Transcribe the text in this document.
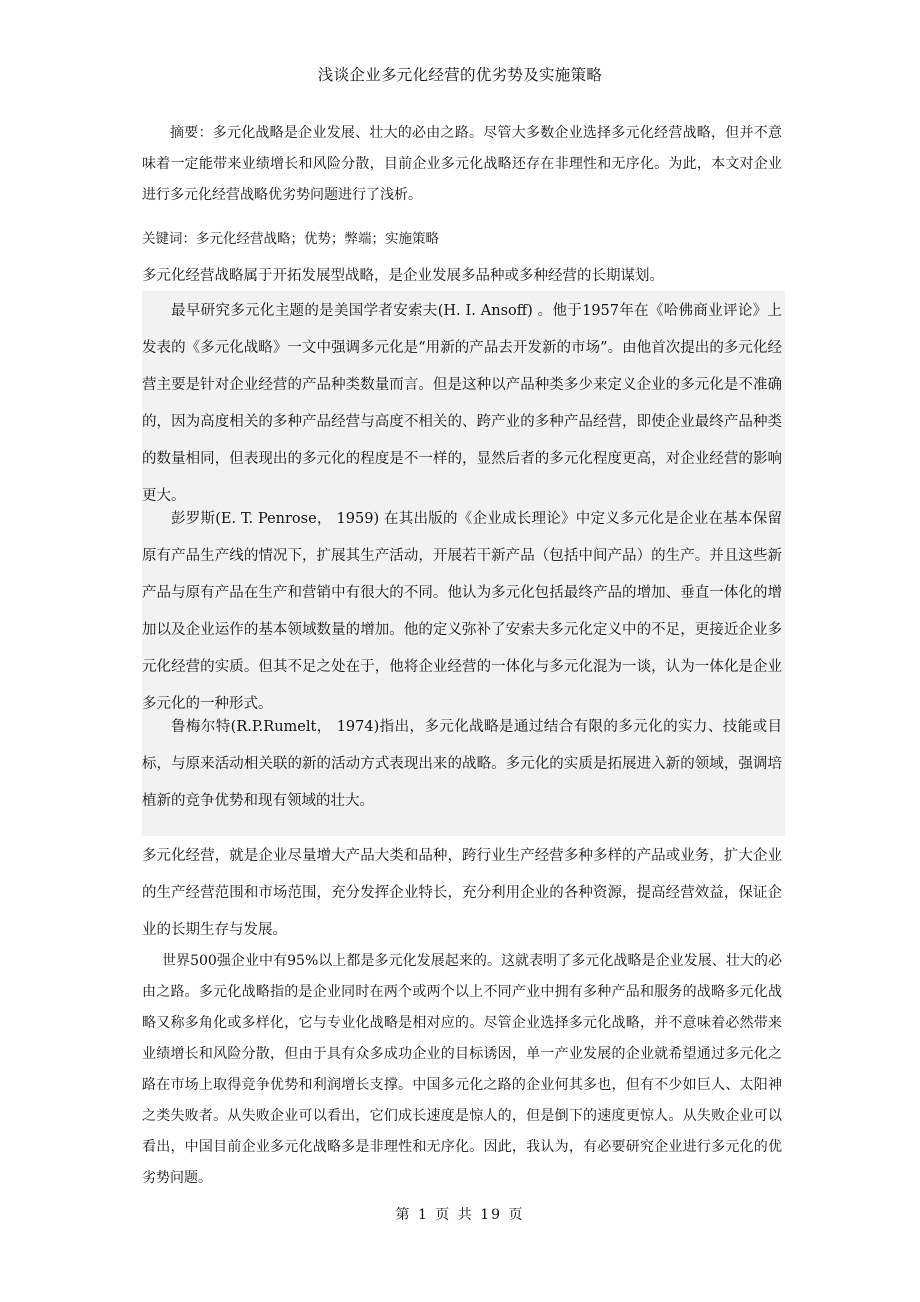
浅谈企业多元化经营的优劣势及实施策略
摘要：多元化战略是企业发展、壮大的必由之路。尽管大多数企业选择多元化经营战略，但并不意味着一定能带来业绩增长和风险分散，目前企业多元化战略还存在非理性和无序化。为此，本文对企业进行多元化经营战略优劣势问题进行了浅析。
关键词：多元化经营战略；优势；弊端；实施策略
多元化经营战略属于开拓发展型战略，是企业发展多品种或多种经营的长期谋划。

最早研究多元化主题的是美国学者安索夫(H. I. Ansoff) 。他于1957年在《哈佛商业评论》上发表的《多元化战略》一文中强调多元化是“用新的产品去开发新的市场”。由他首次提出的多元化经营主要是针对企业经营的产品种类数量而言。但是这种以产品种类多少来定义企业的多元化是不准确的，因为高度相关的多种产品经营与高度不相关的、跨产业的多种产品经营，即使企业最终产品种类的数量相同，但表现出的多元化的程度是不一样的，显然后者的多元化程度更高，对企业经营的影响更大。

彭罗斯(E. T. Penrose， 1959) 在其出版的《企业成长理论》中定义多元化是企业在基本保留原有产品生产线的情况下，扩展其生产活动，开展若干新产品（包括中间产品）的生产。并且这些新产品与原有产品在生产和营销中有很大的不同。他认为多元化包括最终产品的增加、垂直一体化的增加以及企业运作的基本领域数量的增加。他的定义弥补了安索夫多元化定义中的不足，更接近企业多元化经营的实质。但其不足之处在于，他将企业经营的一体化与多元化混为一谈，认为一体化是企业多元化的一种形式。

鲁梅尔特(R.P.Rumelt， 1974)指出，多元化战略是通过结合有限的多元化的实力、技能或目标，与原来活动相关联的新的活动方式表现出来的战略。多元化的实质是拓展进入新的领域，强调培植新的竞争优势和现有领域的壮大。

多元化经营，就是企业尽量增大产品大类和品种，跨行业生产经营多种多样的产品或业务，扩大企业的生产经营范围和市场范围，充分发挥企业特长，充分利用企业的各种资源，提高经营效益，保证企业的长期生存与发展。
世界500强企业中有95%以上都是多元化发展起来的。这就表明了多元化战略是企业发展、壮大的必由之路。多元化战略指的是企业同时在两个或两个以上不同产业中拥有多种产品和服务的战略多元化战略又称多角化或多样化，它与专业化战略是相对应的。尽管企业选择多元化战略，并不意味着必然带来业绩增长和风险分散，但由于具有众多成功企业的目标诱因，单一产业发展的企业就希望通过多元化之路在市场上取得竞争优势和利润增长支撑。中国多元化之路的企业何其多也，但有不少如巨人、太阳神之类失败者。从失败企业可以看出，它们成长速度是惊人的，但是倒下的速度更惊人。从失败企业可以看出，中国目前企业多元化战略多是非理性和无序化。因此，我认为，有必要研究企业进行多元化的优劣势问题。
第 1 页 共 19 页
